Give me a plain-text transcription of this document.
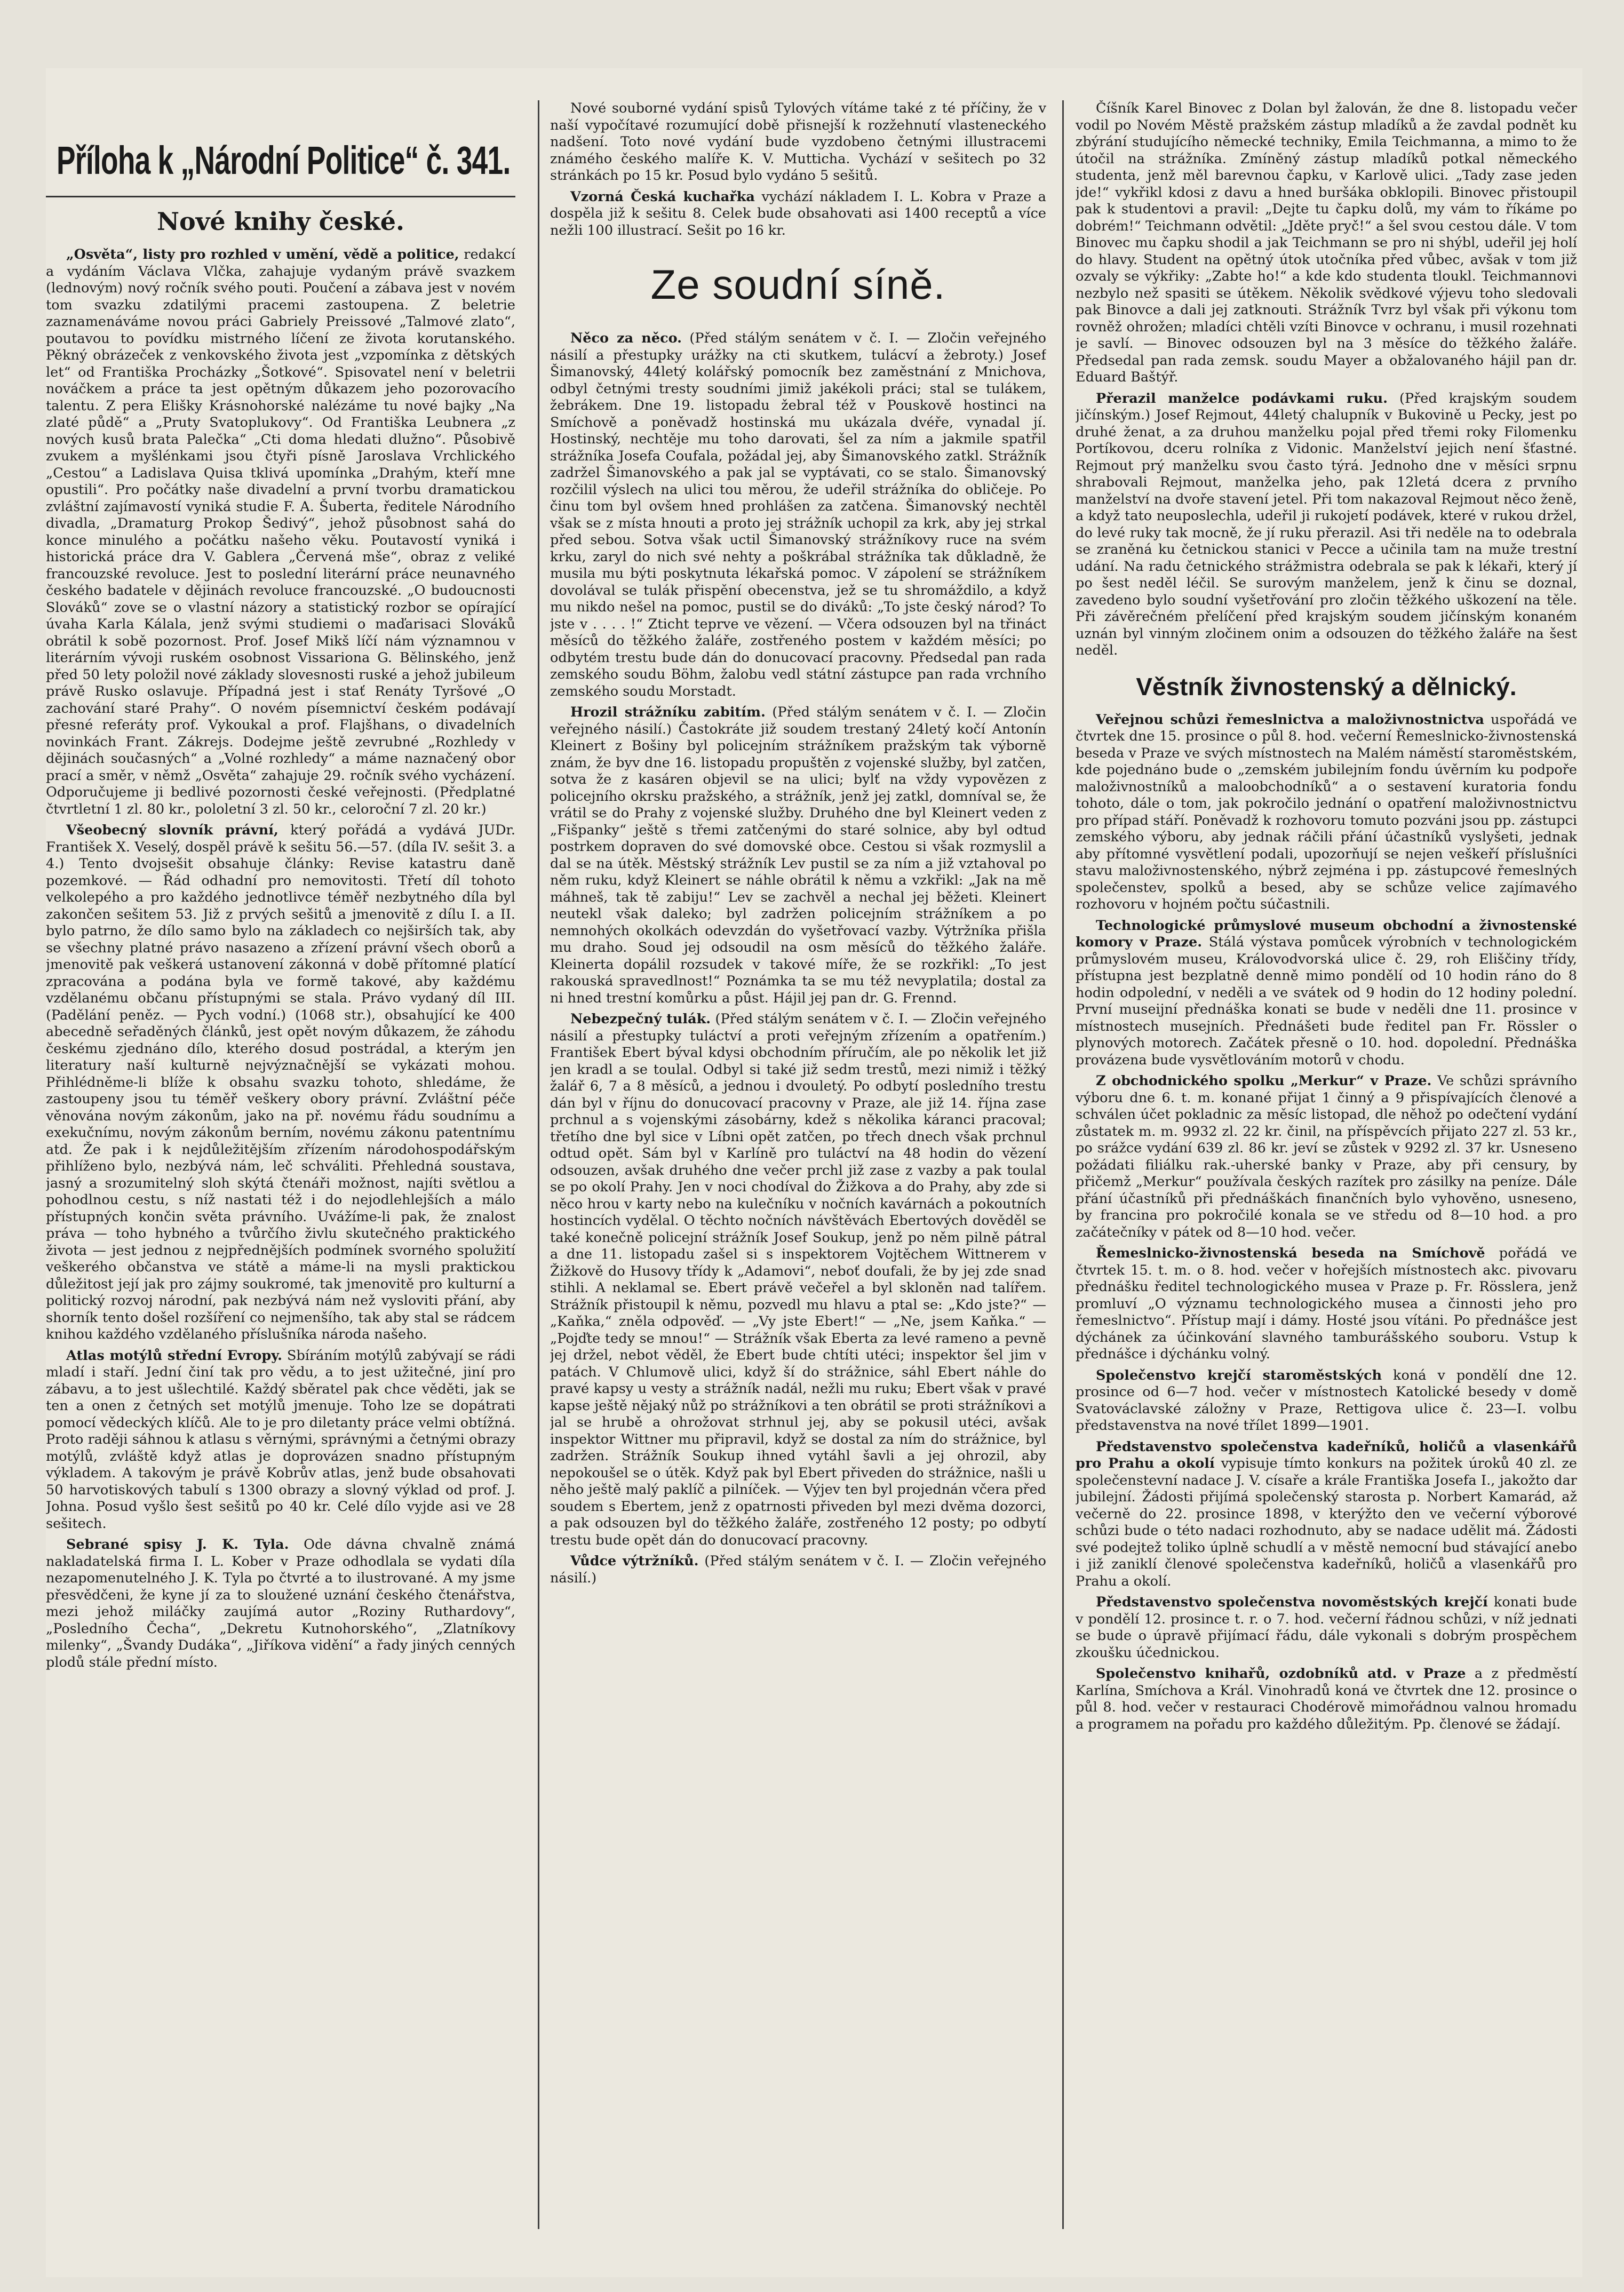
Příloha k „Národní Politice“ č. 341.
Nové knihy české.

„Osvěta“, listy pro rozhled v umění, vědě a politice, redakcí a vydáním Václava Vlčka, zahajuje vydaným právě svazkem (lednovým) nový ročník svého pouti. Poučení a zábava jest v novém tom svazku zdatilými pracemi zastoupena. Z beletrie zaznamenáváme novou práci Gabriely Preissové „Talmové zlato“, poutavou to povídku mistrného líčení ze života korutanského. Pěkný obrázeček z venkovského života jest „vzpomínka z dětských let“ od Františka Procházky „Šotkové“. Spisovatel není v beletrii nováčkem a práce ta jest opětným důkazem jeho pozorovacího talentu. Z pera Elišky Krásnohorské nalézáme tu nové bajky „Na zlaté půdě“ a „Pruty Svatoplukovy“. Od Františka Leubnera „z nových kusů brata Palečka“ „Cti doma hledati dlužno“. Působivě zvukem a myšlénkami jsou čtyři písně Jaroslava Vrchlického „Cestou“ a Ladislava Quisa tklivá upomínka „Drahým, kteří mne opustili“. Pro počátky naše divadelní a první tvorbu dramatickou zvláštní zajímavostí vyniká studie F. A. Šuberta, ředitele Národního divadla, „Dramaturg Prokop Šedivý“, jehož působnost sahá do konce minulého a počátku našeho věku. Poutavostí vyniká i historická práce dra V. Gablera „Červená mše“, obraz z veliké francouzské revoluce. Jest to poslední literární práce neunavného českého badatele v dějinách revoluce francouzské. „O budoucnosti Slováků“ zove se o vlastní názory a statistický rozbor se opírající úvaha Karla Kálala, jenž svými studiemi o maďarisaci Slováků obrátil k sobě pozornost. Prof. Josef Mikš líčí nám významnou v literárním vývoji ruském osobnost Vissariona G. Bělinského, jenž před 50 lety položil nové základy slovesnosti ruské a jehož jubileum právě Rusko oslavuje. Případná jest i stať Renáty Tyršové „O zachování staré Prahy“. O novém písemnictví českém podávají přesné referáty prof. Vykoukal a prof. Flajšhans, o divadelních novinkách Frant. Zákrejs. Dodejme ještě zevrubné „Rozhledy v dějinách současných“ a „Volné rozhledy“ a máme naznačený obor prací a směr, v němž „Osvěta“ zahajuje 29. ročník svého vycházení. Odporučujeme ji bedlivé pozornosti české veřejnosti. (Předplatné čtvrtletní 1 zl. 80 kr., pololetní 3 zl. 50 kr., celoroční 7 zl. 20 kr.)

Všeobecný slovník právní, který pořádá a vydává JUDr. František X. Veselý, dospěl právě k sešitu 56.—57. (díla IV. sešit 3. a 4.) Tento dvojsešit obsahuje články: Revise katastru daně pozemkové. — Řád odhadní pro nemovitosti. Třetí díl tohoto velkolepého a pro každého jednotlivce téměř nezbytného díla byl zakončen sešitem 53. Již z prvých sešitů a jmenovitě z dílu I. a II. bylo patrno, že dílo samo bylo na základech co nejširších tak, aby se všechny platné právo nasazeno a zřízení právní všech oborů a jmenovitě pak veškerá ustanovení zákonná v době přítomné platící zpracována a podána byla ve formě takové, aby každému vzdělanému občanu přístupnými se stala. Právo vydaný díl III. (Padělání peněz. — Pych vodní.) (1068 str.), obsahující ke 400 abecedně seřaděných článků, jest opět novým důkazem, že záhodu českému zjednáno dílo, kterého dosud postrádal, a kterým jen literatury naší kulturně nejvýznačnější se vykázati mohou. Přihlédněme-li blíže k obsahu svazku tohoto, shledáme, že zastoupeny jsou tu téměř veškery obory právní. Zvláštní péče věnována novým zákonům, jako na př. novému řádu soudnímu a exekučnímu, novým zákonům berním, novému zákonu patentnímu atd. Že pak i k nejdůležitějším zřízením národohospodářským přihlíženo bylo, nezbývá nám, leč schváliti. Přehledná soustava, jasný a srozumitelný sloh skýtá čtenáři možnost, najíti světlou a pohodlnou cestu, s níž nastati též i do nejodlehlejších a málo přístupných končin světa právního. Uvážíme-li pak, že znalost práva — toho hybného a tvůrčího živlu skutečného praktického života — jest jednou z nejpřednějších podmínek svorného spolužití veškerého občanstva ve státě a máme-li na mysli praktickou důležitost její jak pro zájmy soukromé, tak jmenovitě pro kulturní a politický rozvoj národní, pak nezbývá nám než vysloviti přání, aby shorník tento došel rozšíření co nejmenšího, tak aby stal se rádcem knihou každého vzdělaného příslušníka národa našeho.

Atlas motýlů střední Evropy. Sbíráním motýlů zabývají se rádi mladí i staří. Jední činí tak pro vědu, a to jest užitečné, jiní pro zábavu, a to jest ušlechtilé. Každý sběratel pak chce věděti, jak se ten a onen z četných set motýlů jmenuje. Toho lze se dopátrati pomocí vědeckých klíčů. Ale to je pro diletanty práce velmi obtížná. Proto raději sáhnou k atlasu s věrnými, správnými a četnými obrazy motýlů, zvláště když atlas je doprovázen snadno přístupným výkladem. A takovým je právě Kobrův atlas, jenž bude obsahovati 50 harvotiskových tabulí s 1300 obrazy a slovný výklad od prof. J. Johna. Posud vyšlo šest sešitů po 40 kr. Celé dílo vyjde asi ve 28 sešitech.

Sebrané spisy J. K. Tyla. Ode dávna chvalně známá nakladatelská firma I. L. Kober v Praze odhodlala se vydati díla nezapomenutelného J. K. Tyla po čtvrté a to ilustrované. A my jsme přesvědčeni, že kyne jí za to sloužené uznání českého čtenářstva, mezi jehož miláčky zaujímá autor „Roziny Ruthardovy“, „Posledního Čecha“, „Dekretu Kutnohorského“, „Zlatníkovy milenky“, „Švandy Dudáka“, „Jiříkova vidění“ a řady jiných cenných plodů stále přední místo.

Nové souborné vydání spisů Tylových vítáme také z té příčiny, že v naší vypočítavé rozumující době přisnejší k rozžehnutí vlasteneckého nadšení. Toto nové vydání bude vyzdobeno četnými illustracemi známého českého malíře K. V. Muttichа. Vychází v sešitech po 32 stránkách po 15 kr. Posud bylo vydáno 5 sešitů.

Vzorná Česká kuchařka vychází nákladem I. L. Kobra v Praze a dospěla již k sešitu 8. Celek bude obsahovati asi 1400 receptů a více nežli 100 illustrací. Sešit po 16 kr.

Ze soudní síně.

Něco za něco. (Před stálým senátem v č. I. — Zločin veřejného násilí a přestupky urážky na cti skutkem, tulácví a žebroty.) Josef Šimanovský, 44letý kolářský pomocník bez zaměstnání z Mnichova, odbyl četnými tresty soudními jimiž jakékoli práci; stal se tulákem, žebrákem. Dne 19. listopadu žebral též v Pouskově hostinci na Smíchově a poněvadž hostinská mu ukázala dvéře, vynadal jí. Hostinský, nechtěje mu toho darovati, šel za ním a jakmile spatřil strážníka Josefa Coufala, požádal jej, aby Šimanovského zatkl. Strážník zadržel Šimanovského a pak jal se vyptávati, co se stalo. Šimanovský rozčilil výslech na ulici tou měrou, že udeřil strážníka do obličeje. Po činu tom byl ovšem hned prohlášen za zatčena. Šimanovský nechtěl však se z místa hnouti a proto jej strážník uchopil za krk, aby jej strkal před sebou. Sotva však uctil Šimanovský strážníkovy ruce na svém krku, zaryl do nich své nehty a poškrábal strážníka tak důkladně, že musila mu býti poskytnuta lékařská pomoc. V zápolení se strážníkem dovolával se tulák přispění obecenstva, jež se tu shromáždilo, a když mu nikdo nešel na pomoc, pustil se do diváků: „To jste český národ? To jste v . . . . !“ Zticht teprve ve vězení. — Včera odsouzen byl na třináct měsíců do těžkého žaláře, zostřeného postem v každém měsíci; po odbytém trestu bude dán do donucovací pracovny. Předsedal pan rada zemského soudu Böhm, žalobu vedl státní zástupce pan rada vrchního zemského soudu Morstadt.

Hrozil strážníku zabitím. (Před stálým senátem v č. I. — Zločin veřejného násilí.) Častokráte již soudem trestaný 24letý kočí Antonín Kleinert z Bošiny byl policejním strážníkem pražským tak výborně znám, že byv dne 16. listopadu propuštěn z vojenské služby, byl zatčen, sotva že z kasáren objevil se na ulici; bylť na vždy vypovězen z policejního okrsku pražského, a strážník, jenž jej zatkl, domníval se, že vrátil se do Prahy z vojenské služby. Druhého dne byl Kleinert veden z „Fišpanky“ ještě s třemi zatčenými do staré solnice, aby byl odtud postrkem dopraven do své domovské obce. Cestou si však rozmyslil a dal se na útěk. Městský strážník Lev pustil se za ním a již vztahoval po něm ruku, když Kleinert se náhle obrátil k němu a vzkřikl: „Jak na mě máhneš, tak tě zabiju!“ Lev se zachvěl a nechal jej běžeti. Kleinert neutekl však daleko; byl zadržen policejním strážníkem a po nemnohých okolkách odevzdán do vyšetřovací vazby. Výtržníka přišla mu draho. Soud jej odsoudil na osm měsíců do těžkého žaláře. Kleinerta dopálil rozsudek v takové míře, že se rozkřikl: „To jest rakouská spravedlnost!“ Poznámka ta se mu též nevyplatila; dostal za ni hned trestní komůrku a půst. Hájil jej pan dr. G. Frennd.

Nebezpečný tulák. (Před stálým senátem v č. I. — Zločin veřejného násilí a přestupky tuláctví a proti veřejným zřízením a opatřením.) František Ebert býval kdysi obchodním příručím, ale po několik let již jen kradl a se toulal. Odbyl si také již sedm trestů, mezi nimiž i těžký žalář 6, 7 a 8 měsíců, a jednou i dvouletý. Po odbytí posledního trestu dán byl v říjnu do donucovací pracovny v Praze, ale již 14. října zase prchnul a s vojenskými zásobárny, kdež s několika káranci pracoval; třetího dne byl sice v Líbni opět zatčen, po třech dnech však prchnul odtud opět. Sám byl v Karlíně pro tuláctví na 48 hodin do vězení odsouzen, avšak druhého dne večer prchl již zase z vazby a pak toulal se po okolí Prahy. Jen v noci chodíval do Žižkova a do Prahy, aby zde si něco hrou v karty nebo na kulečníku v nočních kavárnách a pokoutních hostincích vydělal. O těchto nočních návštěvách Ebertových dověděl se také konečně policejní strážník Josef Soukup, jenž po něm pilně pátral a dne 11. listopadu zašel si s inspektorem Vojtěchem Wittnerem v Žižkově do Husovy třídy k „Adamovi“, neboť doufali, že by jej zde snad stihli. A neklamal se. Ebert právě večeřel a byl skloněn nad talířem. Strážník přistoupil k němu, pozvedl mu hlavu a ptal se: „Kdo jste?“ — „Kaňka,“ zněla odpověď. — „Vy jste Ebert!“ — „Ne, jsem Kaňka.“ — „Pojďte tedy se mnou!“ — Strážník však Eberta za levé rameno a pevně jej držel, nebot věděl, že Ebert bude chtíti utéci; inspektor šel jim v patách. V Chlumově ulici, když ší do strážnice, sáhl Ebert náhle do pravé kapsy u vesty a strážník nadál, nežli mu ruku; Ebert však v pravé kapse ještě nějaký nůž po strážníkovi a ten obrátil se proti strážníkovi a jal se hrubě a ohrožovat strhnul jej, aby se pokusil utéci, avšak inspektor Wittner mu připravil, když se dostal za ním do strážnice, byl zadržen. Strážník Soukup ihned vytáhl šavli a jej ohrozil, aby nepokoušel se o útěk. Když pak byl Ebert přiveden do strážnice, našli u něho ještě malý paklíč a pilníček. — Výjev ten byl projednán včera před soudem s Ebertem, jenž z opatrnosti přiveden byl mezi dvěma dozorci, a pak odsouzen byl do těžkého žaláře, zostřeného 12 posty; po odbytí trestu bude opět dán do donucovací pracovny.

Vůdce výtržníků. (Před stálým senátem v č. I. — Zločin veřejného násilí.)

Číšník Karel Binovec z Dolan byl žalován, že dne 8. listopadu večer vodil po Novém Městě pražském zástup mladíků a že zavdal podnět ku zbýrání studujícího německé techniky, Emila Teichmanna, a mimo to že útočil na strážníka. Zmíněný zástup mladíků potkal německého studenta, jenž měl barevnou čapku, v Karlově ulici. „Tady zase jeden jde!“ vykřikl kdosi z davu a hned buršáka obklopili. Binovec přistoupil pak k studentovi a pravil: „Dejte tu čapku dolů, my vám to říkáme po dobrém!“ Teichmann odvětil: „Jděte pryč!“ a šel svou cestou dále. V tom Binovec mu čapku shodil a jak Teichmann se pro ni shýbl, udeřil jej holí do hlavy. Student na opětný útok utočníka před vůbec, avšak v tom již ozvaly se výkřiky: „Zabte ho!“ a kde kdo studenta tloukl. Teichmannovi nezbylo než spasiti se útěkem. Několik svědkové výjevu toho sledovali pak Binovce a dali jej zatknouti. Strážník Tvrz byl však při výkonu tom rovněž ohrožen; mladíci chtěli vzíti Binovce v ochranu, i musil rozehnati je savlí. — Binovec odsouzen byl na 3 měsíce do těžkého žaláře. Předsedal pan rada zemsk. soudu Mayer a obžalovaného hájil pan dr. Eduard Baštýř.

Přerazil manželce podávkami ruku. (Před krajským soudem jičínským.) Josef Rejmout, 44letý chalupník v Bukovině u Pecky, jest po druhé ženat, a za druhou manželku pojal před třemi roky Filomenku Portíkovou, dceru rolníka z Vidonic. Manželství jejich není šťastné. Rejmout prý manželku svou často týrá. Jednoho dne v měsíci srpnu shrabovali Rejmout, manželka jeho, pak 12letá dcera z prvního manželství na dvoře stavení jetel. Při tom nakazoval Rejmout něco ženě, a když tato neuposlechla, udeřil ji rukojetí podávek, které v rukou držel, do levé ruky tak mocně, že jí ruku přerazil. Asi tři neděle na to odebrala se zraněná ku četnickou stanici v Pecce a učinila tam na muže trestní udání. Na radu četnického strážmistra odebrala se pak k lékaři, který jí po šest neděl léčil. Se surovým manželem, jenž k činu se doznal, zavedeno bylo soudní vyšetřování pro zločin těžkého uškození na těle. Při závěrečném přelíčení před krajským soudem jičínským konaném uznán byl vinným zločinem onim a odsouzen do těžkého žaláře na šest neděl.

Věstník živnostenský a dělnický.

Veřejnou schůzi řemeslnictva a maloživnostnictva uspořádá ve čtvrtek dne 15. prosince o půl 8. hod. večerní Řemeslnicko-živnostenská beseda v Praze ve svých místnostech na Malém náměstí staroměstském, kde pojednáno bude o „zemském jubilejním fondu úvěrním ku podpoře maloživnostníků a maloobchodníků“ a o sestavení kuratoria fondu tohoto, dále o tom, jak pokročilo jednání o opatření maloživnostnictvu pro případ stáří. Poněvadž k rozhovoru tomuto pozváni jsou pp. zástupci zemského výboru, aby jednak ráčili přání účastníků vyslyšeti, jednak aby přítomné vysvětlení podali, upozorňují se nejen veškeří příslušníci stavu maloživnostenského, nýbrž zejména i pp. zástupcové řemeslných společenstev, spolků a besed, aby se schůze velice zajímavého rozhovoru v hojném počtu súčastnili.

Technologické průmyslové museum obchodní a živnostenské komory v Praze. Stálá výstava pomůcek výrobních v technologickém průmyslovém museu, Královodvorská ulice č. 29, roh Eliščiny třídy, přístupna jest bezplatně denně mimo pondělí od 10 hodin ráno do 8 hodin odpolední, v neděli a ve svátek od 9 hodin do 12 hodiny polední. První museijní přednáška konati se bude v neděli dne 11. prosince v místnostech musejních. Přednášeti bude ředitel pan Fr. Rössler o plynových motorech. Začátek přesně o 10. hod. dopolední. Přednáška provázena bude vysvětlováním motorů v chodu.

Z obchodnického spolku „Merkur“ v Praze. Ve schůzi správního výboru dne 6. t. m. konané přijat 1 činný a 9 přispívajících členové a schválen účet pokladnic za měsíc listopad, dle něhož po odečtení vydání zůstatek m. m. 9932 zl. 22 kr. činil, na příspěvcích přijato 227 zl. 53 kr., po srážce vydání 639 zl. 86 kr. jeví se zůstek v 9292 zl. 37 kr. Usneseno požádati filiálku rak.-uherské banky v Praze, aby při censury, by přičemž „Merkur“ používala českých razítek pro zásilky na peníze. Dále přání účastníků při přednáškách finančních bylo vyhověno, usneseno, by francina pro pokročilé konala se ve středu od 8—10 hod. a pro začátečníky v pátek od 8—10 hod. večer.

Řemeslnicko-živnostenská beseda na Smíchově pořádá ve čtvrtek 15. t. m. o 8. hod. večer v hořejších místnostech akc. pivovaru přednášku ředitel technologického musea v Praze p. Fr. Rösslera, jenž promluví „O významu technologického musea a činnosti jeho pro řemeslnictvo“. Přístup mají i dámy. Hosté jsou vítáni. Po přednášce jest dýchánek za účinkování slavného tamburášského souboru. Vstup k přednášce i dýchánku volný.

Společenstvo krejčí staroměstských koná v pondělí dne 12. prosince od 6—7 hod. večer v místnostech Katolické besedy v domě Svatováclavské záložny v Praze, Rettigova ulice č. 23—I. volbu představenstva na nové třílet 1899—1901.

Představenstvo společenstva kadeřníků, holičů a vlasenkářů pro Prahu a okolí vypisuje tímto konkurs na požitek úroků 40 zl. ze společenstevní nadace J. V. císaře a krále Františka Josefa I., jakožto dar jubilejní. Žádosti přijímá společenský starosta p. Norbert Kamarád, až večerně do 22. prosince 1898, v kterýžto den ve večerní výborové schůzi bude o této nadaci rozhodnuto, aby se nadace udělit má. Žádosti své podejtež toliko úplně schudlí a v městě nemocní bud stávající anebo i již zaniklí členové společenstva kadeřníků, holičů a vlasenkářů pro Prahu a okolí.

Představenstvo společenstva novoměstských krejčí konati bude v pondělí 12. prosince t. r. o 7. hod. večerní řádnou schůzi, v níž jednati se bude o úpravě přijímací řádu, dále vykonali s dobrým prospěchem zkoušku účednickou.

Společenstvo knihařů, ozdobníků atd. v Praze a z předměstí Karlína, Smíchova a Král. Vinohradů koná ve čtvrtek dne 12. prosince o půl 8. hod. večer v restauraci Chodérově mimořádnou valnou hromadu a programem na pořadu pro každého důležitým. Pp. členové se žádají.
